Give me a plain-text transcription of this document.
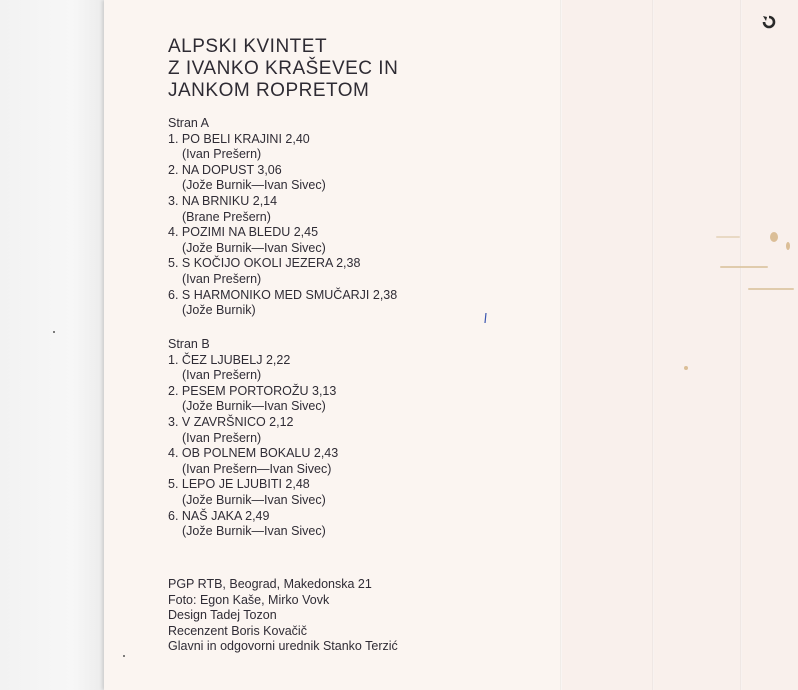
ALPSKI KVINTET
Z IVANKO KRAŠEVEC IN
JANKOM ROPRETOM
Stran A
1. PO BELI KRAJINI 2,40
(Ivan Prešern)
2. NA DOPUST 3,06
(Jože Burnik—Ivan Sivec)
3. NA BRNIKU 2,14
(Brane Prešern)
4. POZIMI NA BLEDU 2,45
(Jože Burnik—Ivan Sivec)
5. S KOČIJO OKOLI JEZERA 2,38
(Ivan Prešern)
6. S HARMONIKO MED SMUČARJI 2,38
(Jože Burnik)
Stran B
1. ČEZ LJUBELJ 2,22
(Ivan Prešern)
2. PESEM PORTOROŽU 3,13
(Jože Burnik—Ivan Sivec)
3. V ZAVRŠNICO 2,12
(Ivan Prešern)
4. OB POLNEM BOKALU 2,43
(Ivan Prešern—Ivan Sivec)
5. LEPO JE LJUBITI 2,48
(Jože Burnik—Ivan Sivec)
6. NAŠ JAKA 2,49
(Jože Burnik—Ivan Sivec)
PGP RTB, Beograd, Makedonska 21
Foto: Egon Kaše, Mirko Vovk
Design Tadej Tozon
Recenzent Boris Kovačič
Glavni in odgovorni urednik Stanko Terzić
